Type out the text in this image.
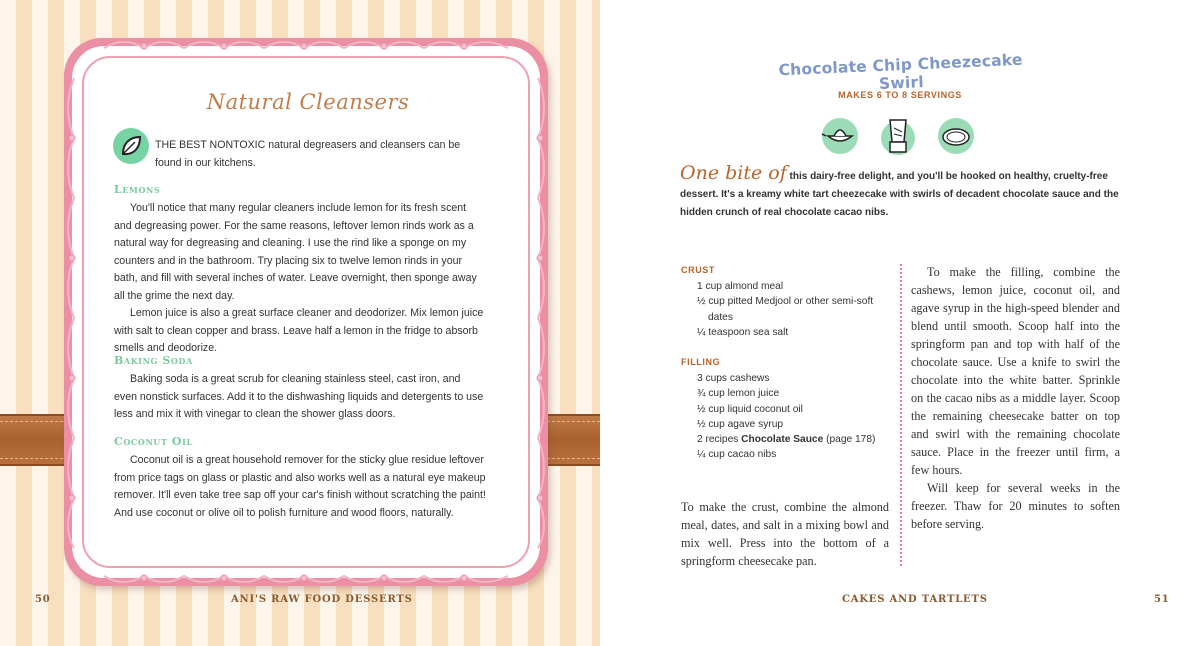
Natural Cleansers
THE BEST NONTOXIC natural degreasers and cleansers can be found in our kitchens.
Lemons

You'll notice that many regular cleaners include lemon for its fresh scent and degreasing power. For the same reasons, leftover lemon rinds work as a natural way for degreasing and cleaning. I use the rind like a sponge on my counters and in the bathroom. Try placing six to twelve lemon rinds in your bath, and fill with several inches of water. Leave overnight, then sponge away all the grime the next day.

Lemon juice is also a great surface cleaner and deodorizer. Mix lemon juice with salt to clean copper and brass. Leave half a lemon in the fridge to absorb smells and deodorize.

Baking Soda

Baking soda is a great scrub for cleaning stainless steel, cast iron, and even nonstick surfaces. Add it to the dishwashing liquids and detergents to use less and mix it with vinegar to clean the shower glass doors.

Coconut Oil

Coconut oil is a great household remover for the sticky glue residue leftover from price tags on glass or plastic and also works well as a natural eye makeup remover. It'll even take tree sap off your car's finish without scratching the paint! And use coconut or olive oil to polish furniture and wood floors, naturally.

50	ANI'S RAW FOOD DESSERTS
Chocolate Chip Cheezecake Swirl
MAKES 6 TO 8 SERVINGS
One bite of this dairy-free delight, and you'll be hooked on healthy, cruelty-free dessert. It's a kreamy white tart cheezecake with swirls of decadent chocolate sauce and the hidden crunch of real chocolate cacao nibs.
CRUST
1 cup almond meal
½ cup pitted Medjool or other semi-soft dates
¼ teaspoon sea salt
FILLING
3 cups cashews
¾ cup lemon juice
½ cup liquid coconut oil
½ cup agave syrup
2 recipes Chocolate Sauce (page 178)
¼ cup cacao nibs
To make the crust, combine the almond meal, dates, and salt in a mixing bowl and mix well. Press into the bottom of a springform cheesecake pan.

To make the filling, combine the cashews, lemon juice, coconut oil, and agave syrup in the high-speed blender and blend until smooth. Scoop half into the springform pan and top with half of the chocolate sauce. Use a knife to swirl the chocolate into the white batter. Sprinkle on the cacao nibs as a middle layer. Scoop the remaining cheesecake batter on top and swirl with the remaining chocolate sauce. Place in the freezer until firm, a few hours.

Will keep for several weeks in the freezer. Thaw for 20 minutes to soften before serving.

CAKES AND TARTLETS	51
